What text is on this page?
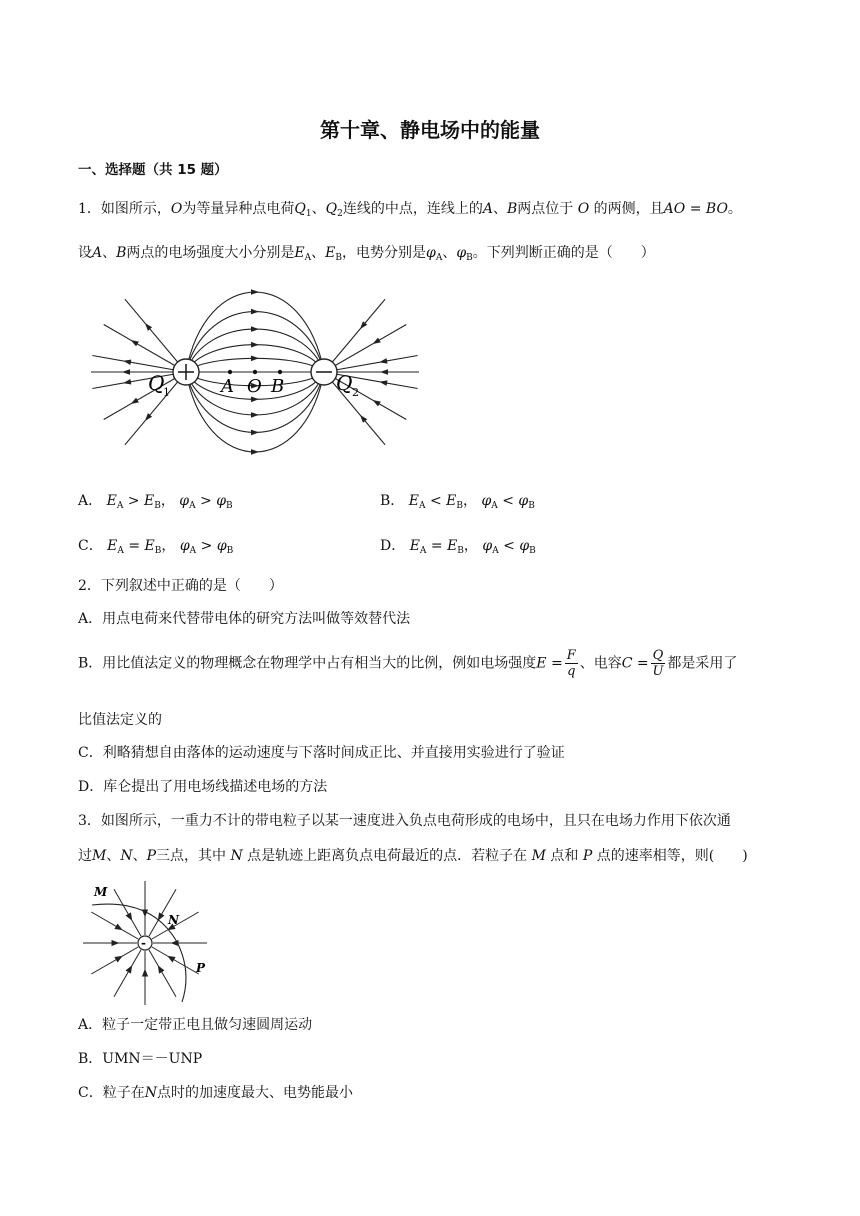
第十章、静电场中的能量
一、选择题（共 15 题）
1．如图所示，O为等量异种点电荷$Q_1$、$Q_2$连线的中点，连线上的A、B两点位于 O 的两侧，且AO = BO。
设A、B两点的电场强度大小分别是$E_A$、$E_B$，电势分别是$\varphi_A$、$\varphi_B$。下列判断正确的是（　　）
Q
1	Q 2
A O B
A． $E_A > E_B$， $\varphi_A > \varphi_B$	B． $E_A < E_B$， $\varphi_A < \varphi_B$
C． $E_A = E_B$， $\varphi_A > \varphi_B$	D． $E_A = E_B$， $\varphi_A < \varphi_B$
2．下列叙述中正确的是（　　）
A．用点电荷来代替带电体的研究方法叫做等效替代法
B．用比值法定义的物理概念在物理学中占有相当大的比例，例如电场强度$E = \frac{F}{q}$ 、电容$C = \frac{Q}{U}$ 都是采用了
比值法定义的
C．利略猜想自由落体的运动速度与下落时间成正比、并直接用实验进行了验证
D．库仑提出了用电场线描述电场的方法
3．如图所示，一重力不计的带电粒子以某一速度进入负点电荷形成的电场中，且只在电场力作用下依次通
过M、N、P三点，其中 N 点是轨迹上距离负点电荷最近的点．若粒子在 M 点和 P 点的速率相等，则(　　)
-
M
N
P
A．粒子一定带正电且做匀速圆周运动
B．UMN＝－UNP
C．粒子在N点时的加速度最大、电势能最小
